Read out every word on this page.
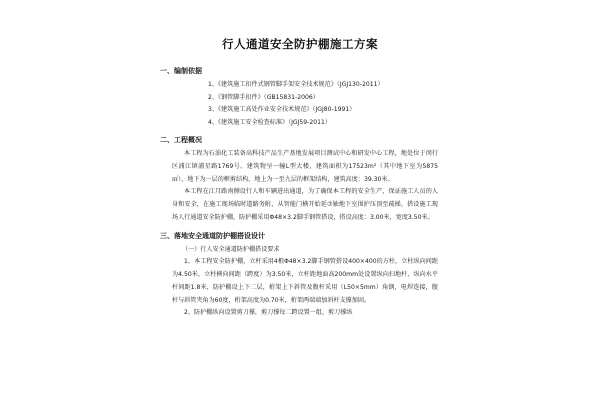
行人通道安全防护棚施工方案
一、编制依据
1、《建筑施工扣件式钢管脚手架安全技术规范》（JGJ130-2011）
2、《钢管脚手扣件》（GB15831-2006）
3、《建筑施工高处作业安全技术规范》（JGJ80-1991）
4、《建筑施工安全检查标准》（JGJ59-2011）
二、工程概况
本工程为石油化工装备高科技产品生产基地发展项目测试中心和研发中心工程，地处位于闵行区浦江镇浦星路1769号。建筑物呈一幢L型大楼，建筑面积为17523m²（其中地下室为5875㎡），地下为一层的框剪结构，地上为一至九层的框架结构，建筑高度：39.30米。
本工程在江月路南侧设行人和车辆进出通道，为了确保本工程的安全生产，保证施工人员的人身和安全，在施工现场临时道路务附，从智能门横开始延⑦轴地下室围护压顶至疏梯，搭设施工现场人行通道安全防护棚，防护棚采用Φ48×3.2脚手钢管搭设，搭设高度：3.00米，宽度3.50米。
三、落地安全通道防护棚搭设设计
（一）行人安全通道防护棚搭设要求
1、本工程安全防护棚，立杆采用4根Φ48×3.2脚手钢管搭设400×400的方柱，立柱纵向间距为4.50米，立柱横向间距（跨度）为3.50米，立杆距地面高200mm处设置纵向扫地杆，纵向水平杆间距1.8米，防护棚设上下二层，桁架上下斜管及腹杆采用（L50×5mm）角钢，电焊连接，腹杆与斜管夹角为60度，桁架高度为0.70米，桁架两端端加斜杆支撑加固。
2、防护棚纵向设置剪刀撑，剪刀撑每二跨设置一组，剪刀撑纵
